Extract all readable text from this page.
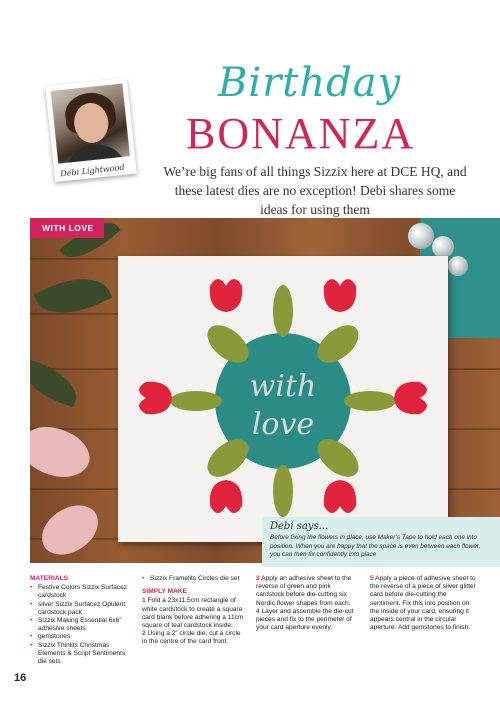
Debi Lightwood
Birthday
BONANZA
We’re big fans of all things Sizzix here at DCE HQ, and these latest dies are no exception! Debi shares some ideas for using them
WITH LOVE
with
love
Debi says...

Before fixing the flowers in place, use Maker’s Tape to hold each one into position. When you are happy that the space is even between each flower, you can then fix confidently into place

MATERIALS
• Festive Colors Sizzix Surfacez cardstock
• silver Sizzix Surfacez Opulent cardstock pack
• Sizzix Making Essential 6x6” adhesive sheets
• gemstones
• Sizzix Thinlits Christmas Elements & Script Sentiments die sets
• Sizzix Framelits Circles die set
SIMPLY MAKE
1 Fold a 23x11.5cm rectangle of white cardstock to create a square card blank before adhering a 11cm square of teal cardstock inside.
2 Using a 2” circle die, cut a circle in the centre of the card front.
3 Apply an adhesive sheet to the reverse of green and pink cardstock before die-cutting six Nordic flower shapes from each.
4 Layer and assemble the die-cut pieces and fix to the perimeter of your card aperture evenly.
5 Apply a piece of adhesive sheet to the reverse of a piece of silver glitter card before die-cutting the sentiment. Fix this into position on the inside of your card, ensuring it appears central in the circular aperture. Add gemstones to finish.
16
